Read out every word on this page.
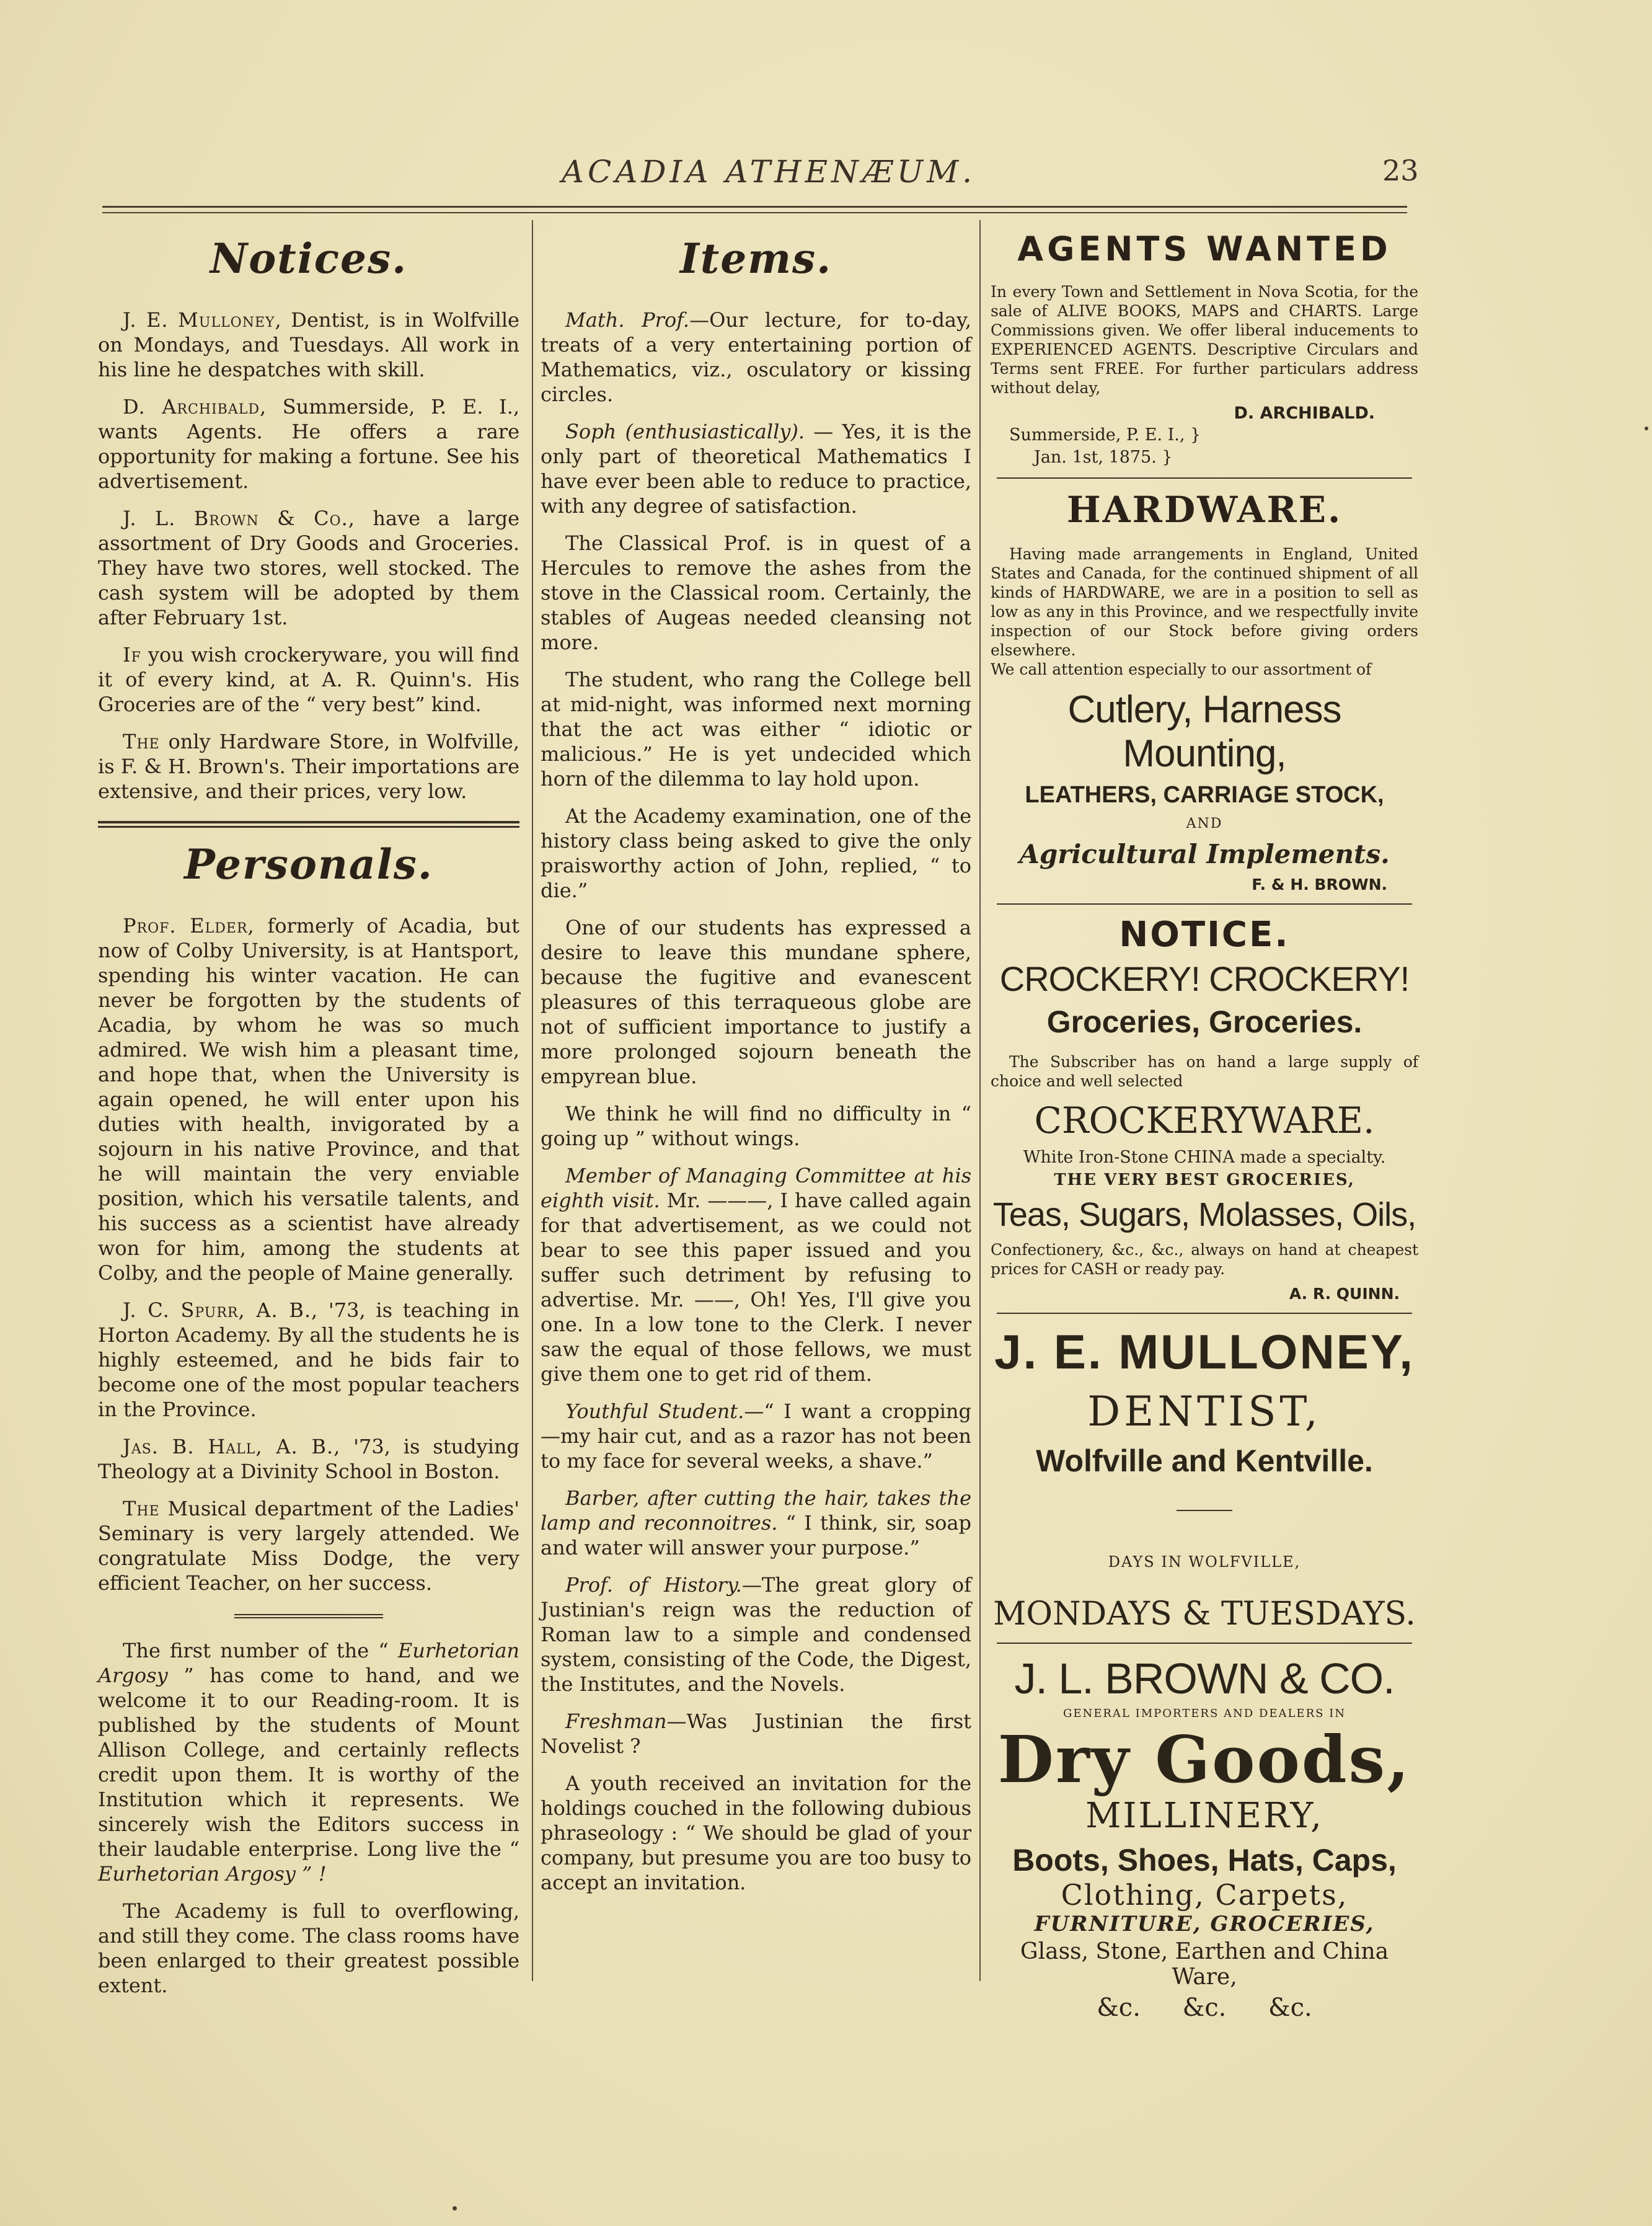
ACADIA ATHENÆUM.	23
Notices.

J. E. Mulloney, Dentist, is in Wolfville on Mondays, and Tuesdays. All work in his line he despatches with skill.

D. Archibald, Summerside, P. E. I., wants Agents. He offers a rare opportunity for making a fortune. See his advertisement.

J. L. Brown & Co., have a large assortment of Dry Goods and Groceries. They have two stores, well stocked. The cash system will be adopted by them after February 1st.

If you wish crockeryware, you will find it of every kind, at A. R. Quinn's. His Groceries are of the “ very best” kind.

The only Hardware Store, in Wolfville, is F. & H. Brown's. Their importations are extensive, and their prices, very low.

Personals.

Prof. Elder, formerly of Acadia, but now of Colby University, is at Hantsport, spending his winter vacation. He can never be forgotten by the students of Acadia, by whom he was so much admired. We wish him a pleasant time, and hope that, when the University is again opened, he will enter upon his duties with health, invigorated by a sojourn in his native Province, and that he will maintain the very enviable position, which his versatile talents, and his success as a scientist have already won for him, among the students at Colby, and the people of Maine generally.

J. C. Spurr, A. B., '73, is teaching in Horton Academy. By all the students he is highly esteemed, and he bids fair to become one of the most popular teachers in the Province.

Jas. B. Hall, A. B., '73, is studying Theology at a Divinity School in Boston.

The Musical department of the Ladies' Seminary is very largely attended. We congratulate Miss Dodge, the very efficient Teacher, on her success.

The first number of the “ Eurhetorian Argosy ” has come to hand, and we welcome it to our Reading-room. It is published by the students of Mount Allison College, and certainly reflects credit upon them. It is worthy of the Institution which it represents. We sincerely wish the Editors success in their laudable enterprise. Long live the “ Eurhetorian Argosy ” !

The Academy is full to overflowing, and still they come. The class rooms have been enlarged to their greatest possible extent.

Items.

Math. Prof.—Our lecture, for to-day, treats of a very entertaining portion of Mathematics, viz., osculatory or kissing circles.

Soph (enthusiastically). — Yes, it is the only part of theoretical Mathematics I have ever been able to reduce to practice, with any degree of satisfaction.

The Classical Prof. is in quest of a Hercules to remove the ashes from the stove in the Classical room. Certainly, the stables of Augeas needed cleansing not more.

The student, who rang the College bell at mid-night, was informed next morning that the act was either “ idiotic or malicious.” He is yet undecided which horn of the dilemma to lay hold upon.

At the Academy examination, one of the history class being asked to give the only praisworthy action of John, replied, “ to die.”

One of our students has expressed a desire to leave this mundane sphere, because the fugitive and evanescent pleasures of this terraqueous globe are not of sufficient importance to justify a more prolonged sojourn beneath the empyrean blue.

We think he will find no difficulty in “ going up ” without wings.

Member of Managing Committee at his eighth visit. Mr. ———, I have called again for that advertisement, as we could not bear to see this paper issued and you suffer such detriment by refusing to advertise. Mr. ——, Oh! Yes, I'll give you one. In a low tone to the Clerk. I never saw the equal of those fellows, we must give them one to get rid of them.

Youthful Student.—“ I want a cropping—my hair cut, and as a razor has not been to my face for several weeks, a shave.”

Barber, after cutting the hair, takes the lamp and reconnoitres. “ I think, sir, soap and water will answer your purpose.”

Prof. of History.—The great glory of Justinian's reign was the reduction of Roman law to a simple and condensed system, consisting of the Code, the Digest, the Institutes, and the Novels.

Freshman—Was Justinian the first Novelist ?

A youth received an invitation for the holdings couched in the following dubious phraseology : “ We should be glad of your company, but presume you are too busy to accept an invitation.

AGENTS WANTED

In every Town and Settlement in Nova Scotia, for the sale of ALIVE BOOKS, MAPS and CHARTS. Large Commissions given. We offer liberal inducements to EXPERIENCED AGENTS. Descriptive Circulars and Terms sent FREE. For further particulars address without delay,

D. ARCHIBALD.
Summerside, P. E. I., }
Jan. 1st, 1875. }
HARDWARE.

Having made arrangements in England, United States and Canada, for the continued shipment of all kinds of HARDWARE, we are in a position to sell as low as any in this Province, and we respectfully invite inspection of our Stock before giving orders elsewhere.

We call attention especially to our assortment of

Cutlery, Harness Mounting,
LEATHERS, CARRIAGE STOCK,
AND
Agricultural Implements.
F. & H. BROWN.
NOTICE.
CROCKERY! CROCKERY!
Groceries, Groceries.

The Subscriber has on hand a large supply of choice and well selected

CROCKERYWARE.
White Iron-Stone CHINA made a specialty.
THE VERY BEST GROCERIES,
Teas, Sugars, Molasses, Oils,

Confectionery, &c., &c., always on hand at cheapest prices for CASH or ready pay.

A. R. QUINN.
J. E. MULLONEY,
DENTIST,
Wolfville and Kentville.
DAYS IN WOLFVILLE,
MONDAYS & TUESDAYS.
J. L. BROWN & CO.
GENERAL IMPORTERS AND DEALERS IN
Dry Goods,
MILLINERY,
Boots, Shoes, Hats, Caps,
Clothing, Carpets,
FURNITURE, GROCERIES,
Glass, Stone, Earthen and China Ware,
&c. &c. &c.
